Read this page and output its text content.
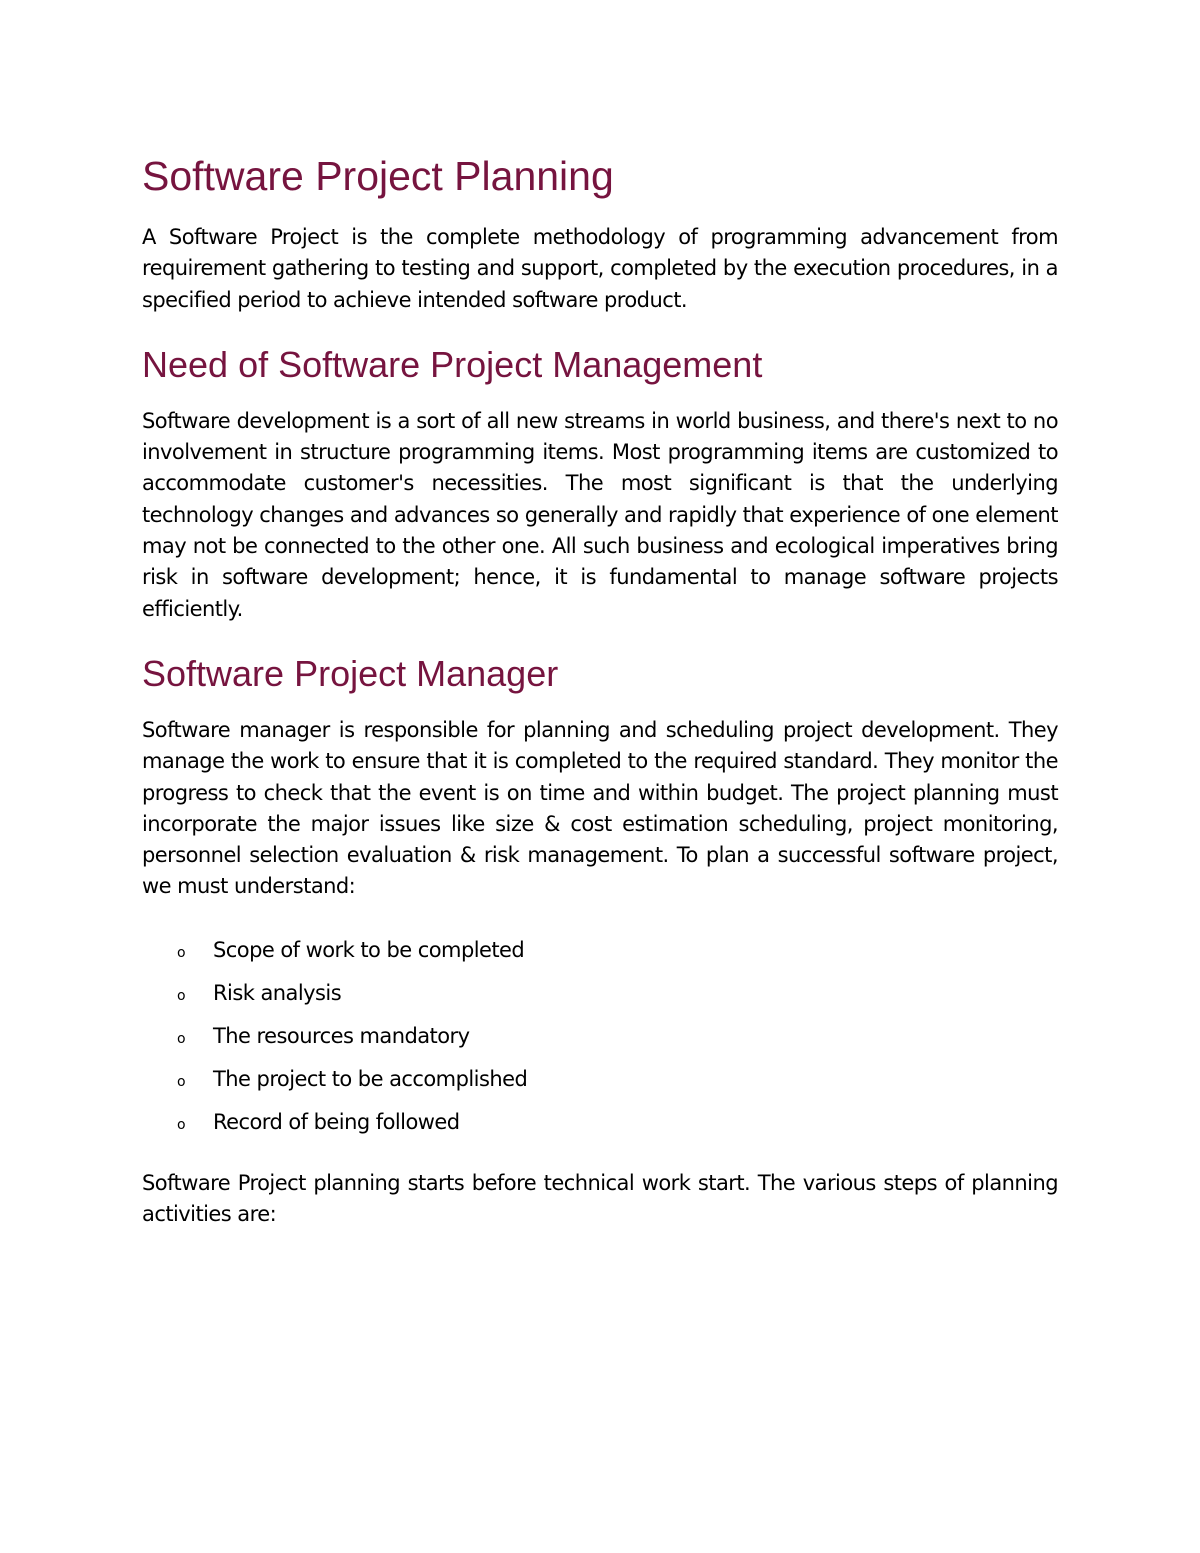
Software Project Planning

A Software Project is the complete methodology of programming advancement from requirement gathering to testing and support, completed by the execution procedures, in a specified period to achieve intended software product.

Need of Software Project Management

Software development is a sort of all new streams in world business, and there's next to no involvement in structure programming items. Most programming items are customized to accommodate customer's necessities. The most significant is that the underlying technology changes and advances so generally and rapidly that experience of one element may not be connected to the other one. All such business and ecological imperatives bring risk in software development; hence, it is fundamental to manage software projects efficiently.

Software Project Manager

Software manager is responsible for planning and scheduling project development. They manage the work to ensure that it is completed to the required standard. They monitor the progress to check that the event is on time and within budget. The project planning must incorporate the major issues like size & cost estimation scheduling, project monitoring, personnel selection evaluation & risk management. To plan a successful software project, we must understand:

o Scope of work to be completed
o Risk analysis
o The resources mandatory
o The project to be accomplished
o Record of being followed

Software Project planning starts before technical work start. The various steps of planning activities are:
